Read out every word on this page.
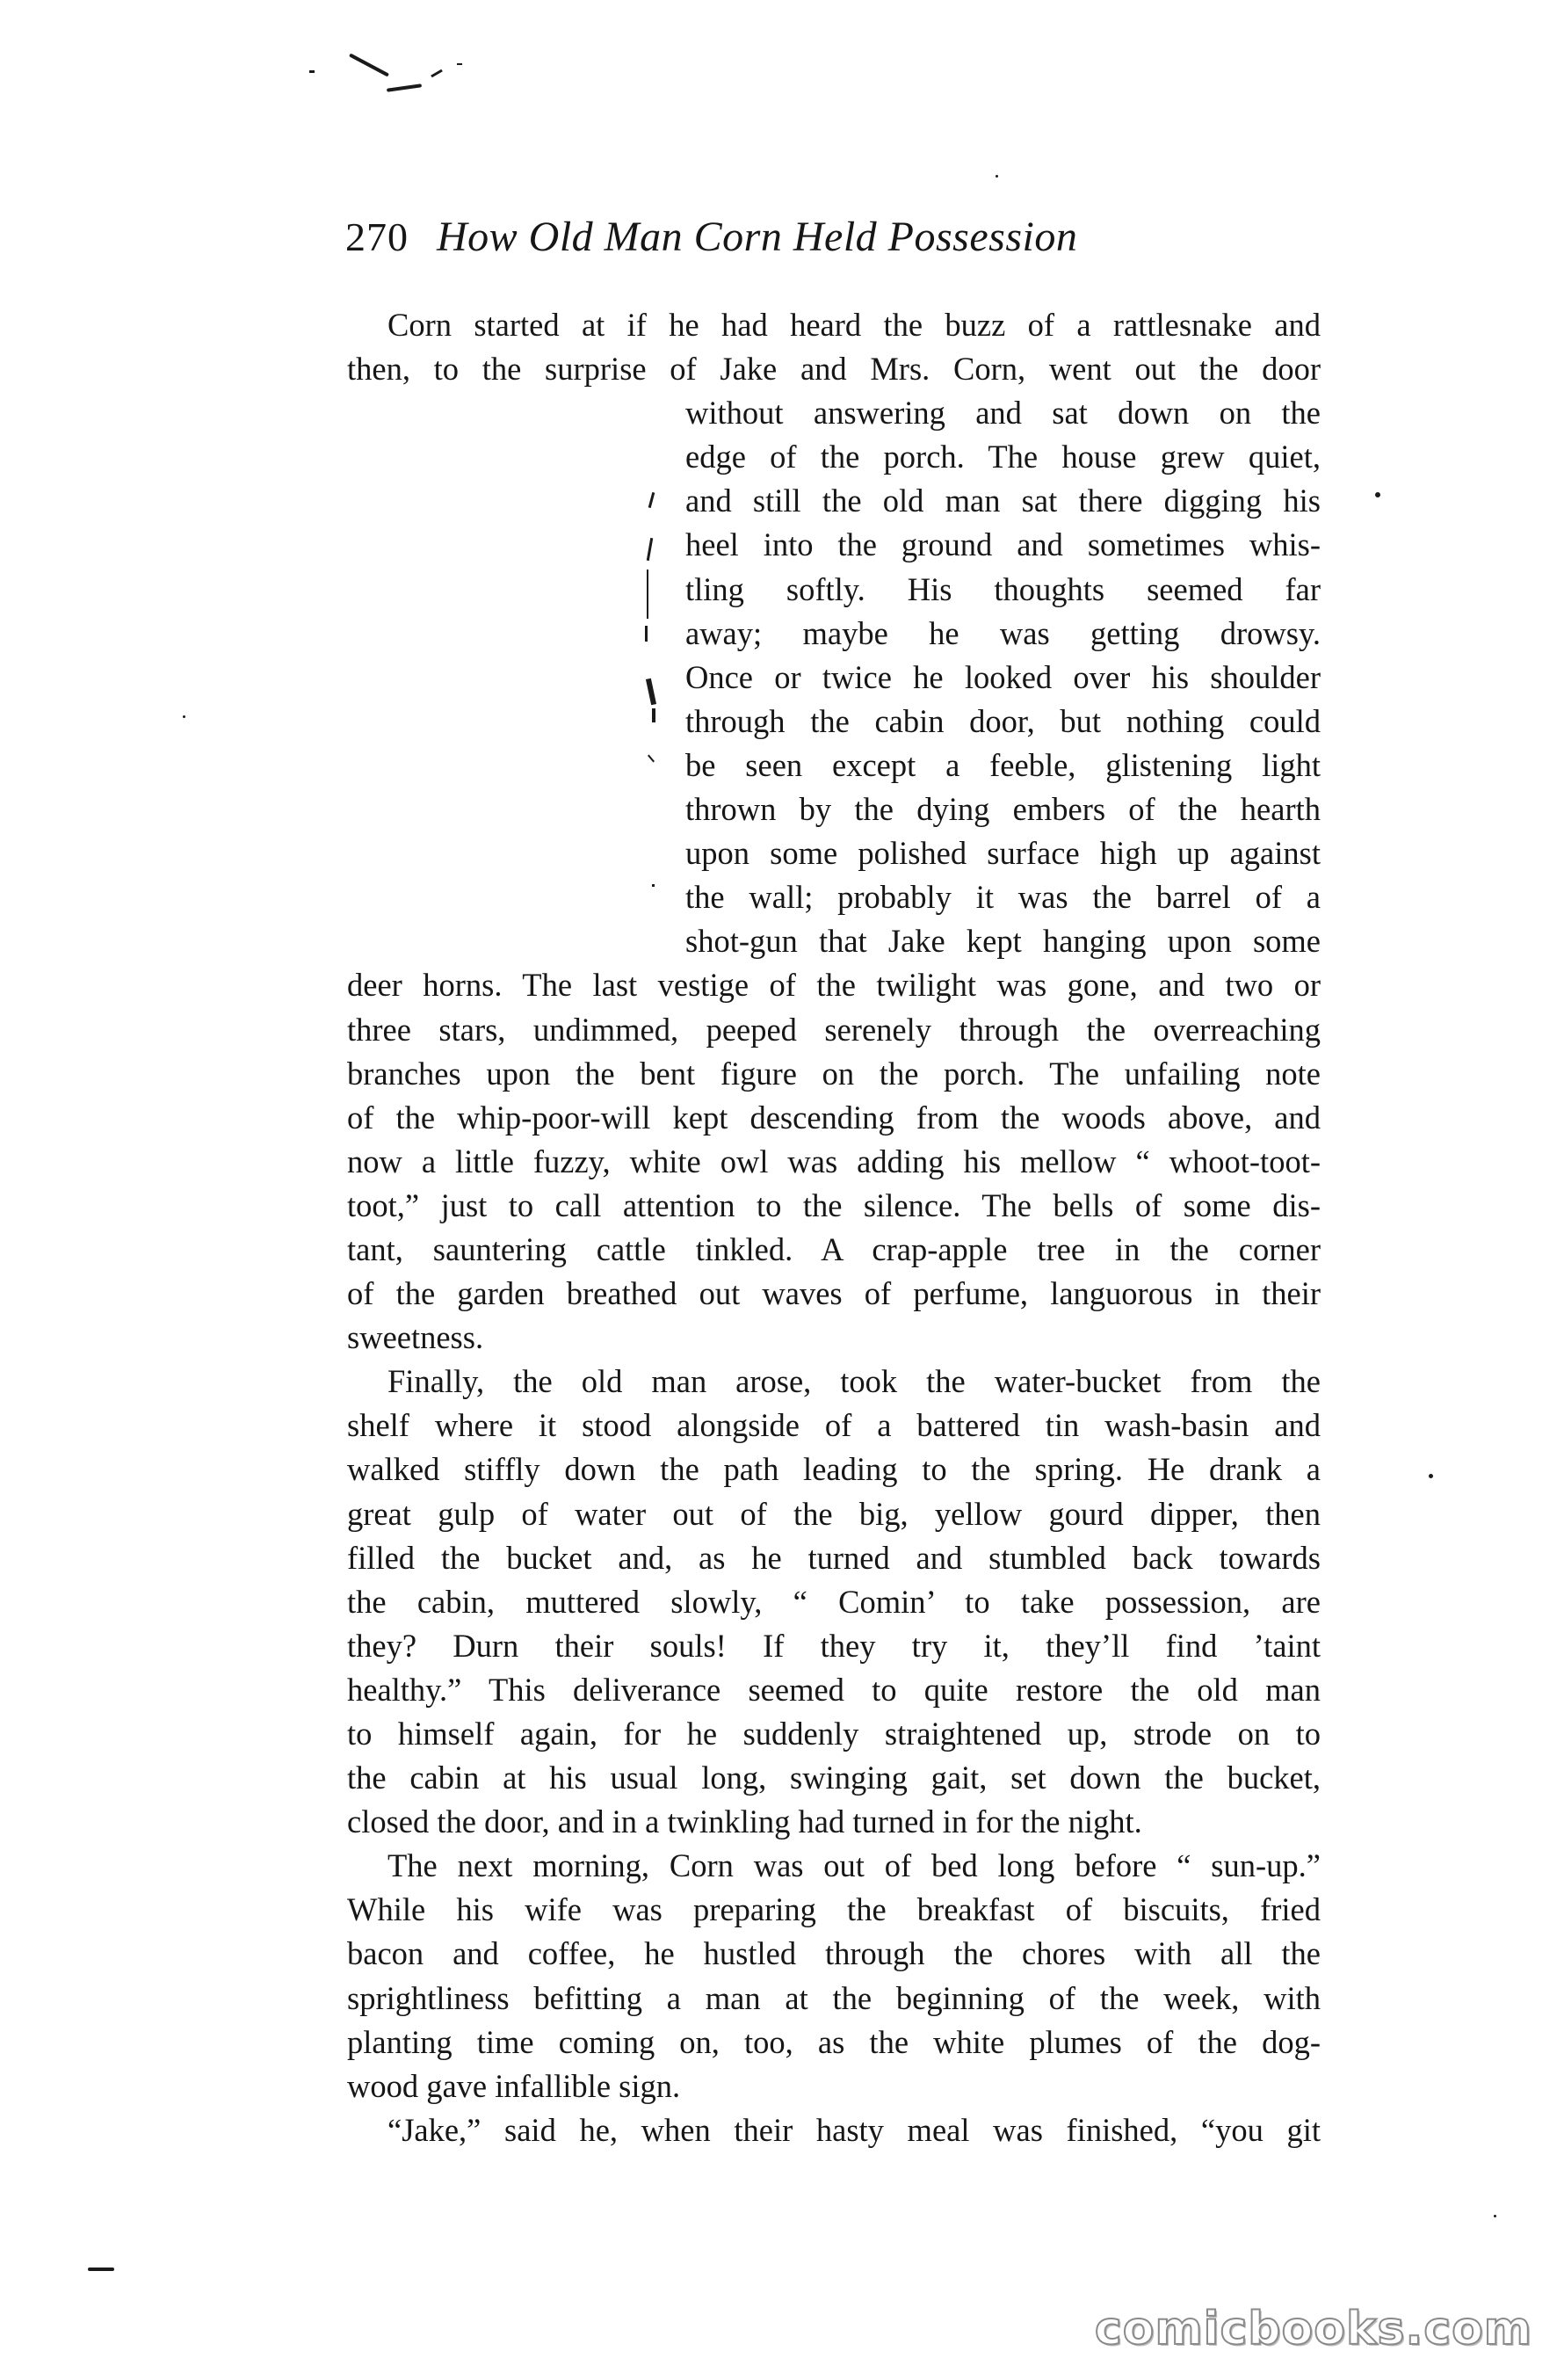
270 How Old Man Corn Held Possession
Corn started at if he had heard the buzz of a rattlesnake and
then, to the surprise of Jake and Mrs. Corn, went out the door
without answering and sat down on the
edge of the porch. The house grew quiet,
and still the old man sat there digging his
heel into the ground and sometimes whis-
tling softly. His thoughts seemed far
away; maybe he was getting drowsy.
Once or twice he looked over his shoulder
through the cabin door, but nothing could
be seen except a feeble, glistening light
thrown by the dying embers of the hearth
upon some polished surface high up against
the wall; probably it was the barrel of a
shot-gun that Jake kept hanging upon some
deer horns. The last vestige of the twilight was gone, and two or
three stars, undimmed, peeped serenely through the overreaching
branches upon the bent figure on the porch. The unfailing note
of the whip-poor-will kept descending from the woods above, and
now a little fuzzy, white owl was adding his mellow “ whoot-toot-
toot,” just to call attention to the silence. The bells of some dis-
tant, sauntering cattle tinkled. A crap-apple tree in the corner
of the garden breathed out waves of perfume, languorous in their
sweetness.
Finally, the old man arose, took the water-bucket from the
shelf where it stood alongside of a battered tin wash-basin and
walked stiffly down the path leading to the spring. He drank a
great gulp of water out of the big, yellow gourd dipper, then
filled the bucket and, as he turned and stumbled back towards
the cabin, muttered slowly, “ Comin’ to take possession, are
they? Durn their souls! If they try it, they’ll find ’taint
healthy.” This deliverance seemed to quite restore the old man
to himself again, for he suddenly straightened up, strode on to
the cabin at his usual long, swinging gait, set down the bucket,
closed the door, and in a twinkling had turned in for the night.
The next morning, Corn was out of bed long before “ sun-up.”
While his wife was preparing the breakfast of biscuits, fried
bacon and coffee, he hustled through the chores with all the
sprightliness befitting a man at the beginning of the week, with
planting time coming on, too, as the white plumes of the dog-
wood gave infallible sign.
“Jake,” said he, when their hasty meal was finished, “you git
comicbooks.com
